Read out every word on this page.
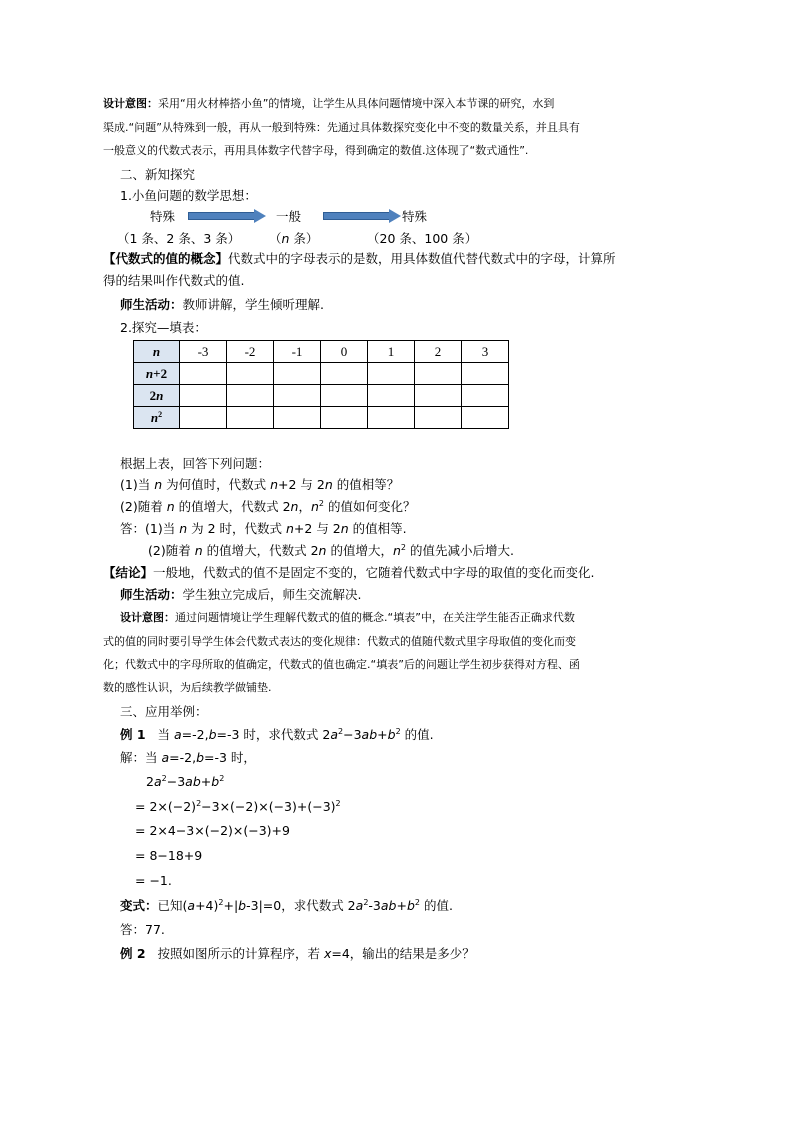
设计意图：采用“用火材棒搭小鱼”的情境，让学生从具体问题情境中深入本节课的研究，水到
渠成.“问题”从特殊到一般，再从一般到特殊：先通过具体数探究变化中不变的数量关系，并且具有
一般意义的代数式表示，再用具体数字代替字母，得到确定的数值.这体现了“数式通性”.
二、新知探究
1.小鱼问题的数学思想：
特殊	一般	特殊
（1 条、2 条、3 条） （n 条）	（20 条、100 条）
【代数式的值的概念】代数式中的字母表示的是数，用具体数值代替代数式中的字母，计算所
得的结果叫作代数式的值.
师生活动：教师讲解，学生倾听理解.
2.探究—填表：
n	-3	-2	-1	0	1	2	3
n+2							
2n							
$n^2$							
根据上表，回答下列问题：
(1)当 n 为何值时，代数式 n+2 与 2n 的值相等？
(2)随着 n 的值增大，代数式 2n，$n^2$ 的值如何变化？
答：(1)当 n 为 2 时，代数式 n+2 与 2n 的值相等.
(2)随着 n 的值增大，代数式 2n 的值增大，$n^2$ 的值先减小后增大.
【结论】一般地，代数式的值不是固定不变的，它随着代数式中字母的取值的变化而变化.
师生活动：学生独立完成后，师生交流解决.
设计意图：通过问题情境让学生理解代数式的值的概念.“填表”中，在关注学生能否正确求代数
式的值的同时要引导学生体会代数式表达的变化规律：代数式的值随代数式里字母取值的变化而变
化；代数式中的字母所取的值确定，代数式的值也确定.“填表”后的问题让学生初步获得对方程、函
数的感性认识，为后续教学做铺垫.
三、应用举例：
例 1 当 a=-2,b=-3 时，求代数式 $2a^2-3ab+b^2$ 的值.
解：当 a=-2,b=-3 时，
$2a^2-3ab+b^2$
= $2\times(-2)^2-3\times(-2)\times(-3)+(-3)^2$
= 2×4−3×(−2)×(−3)+9
= 8−18+9
= −1.
变式：已知$(a+4)^2+|b-3|=0$，求代数式 $2a^2-3ab+b^2$ 的值.
答：77.
例 2 按照如图所示的计算程序，若 x=4，输出的结果是多少？
